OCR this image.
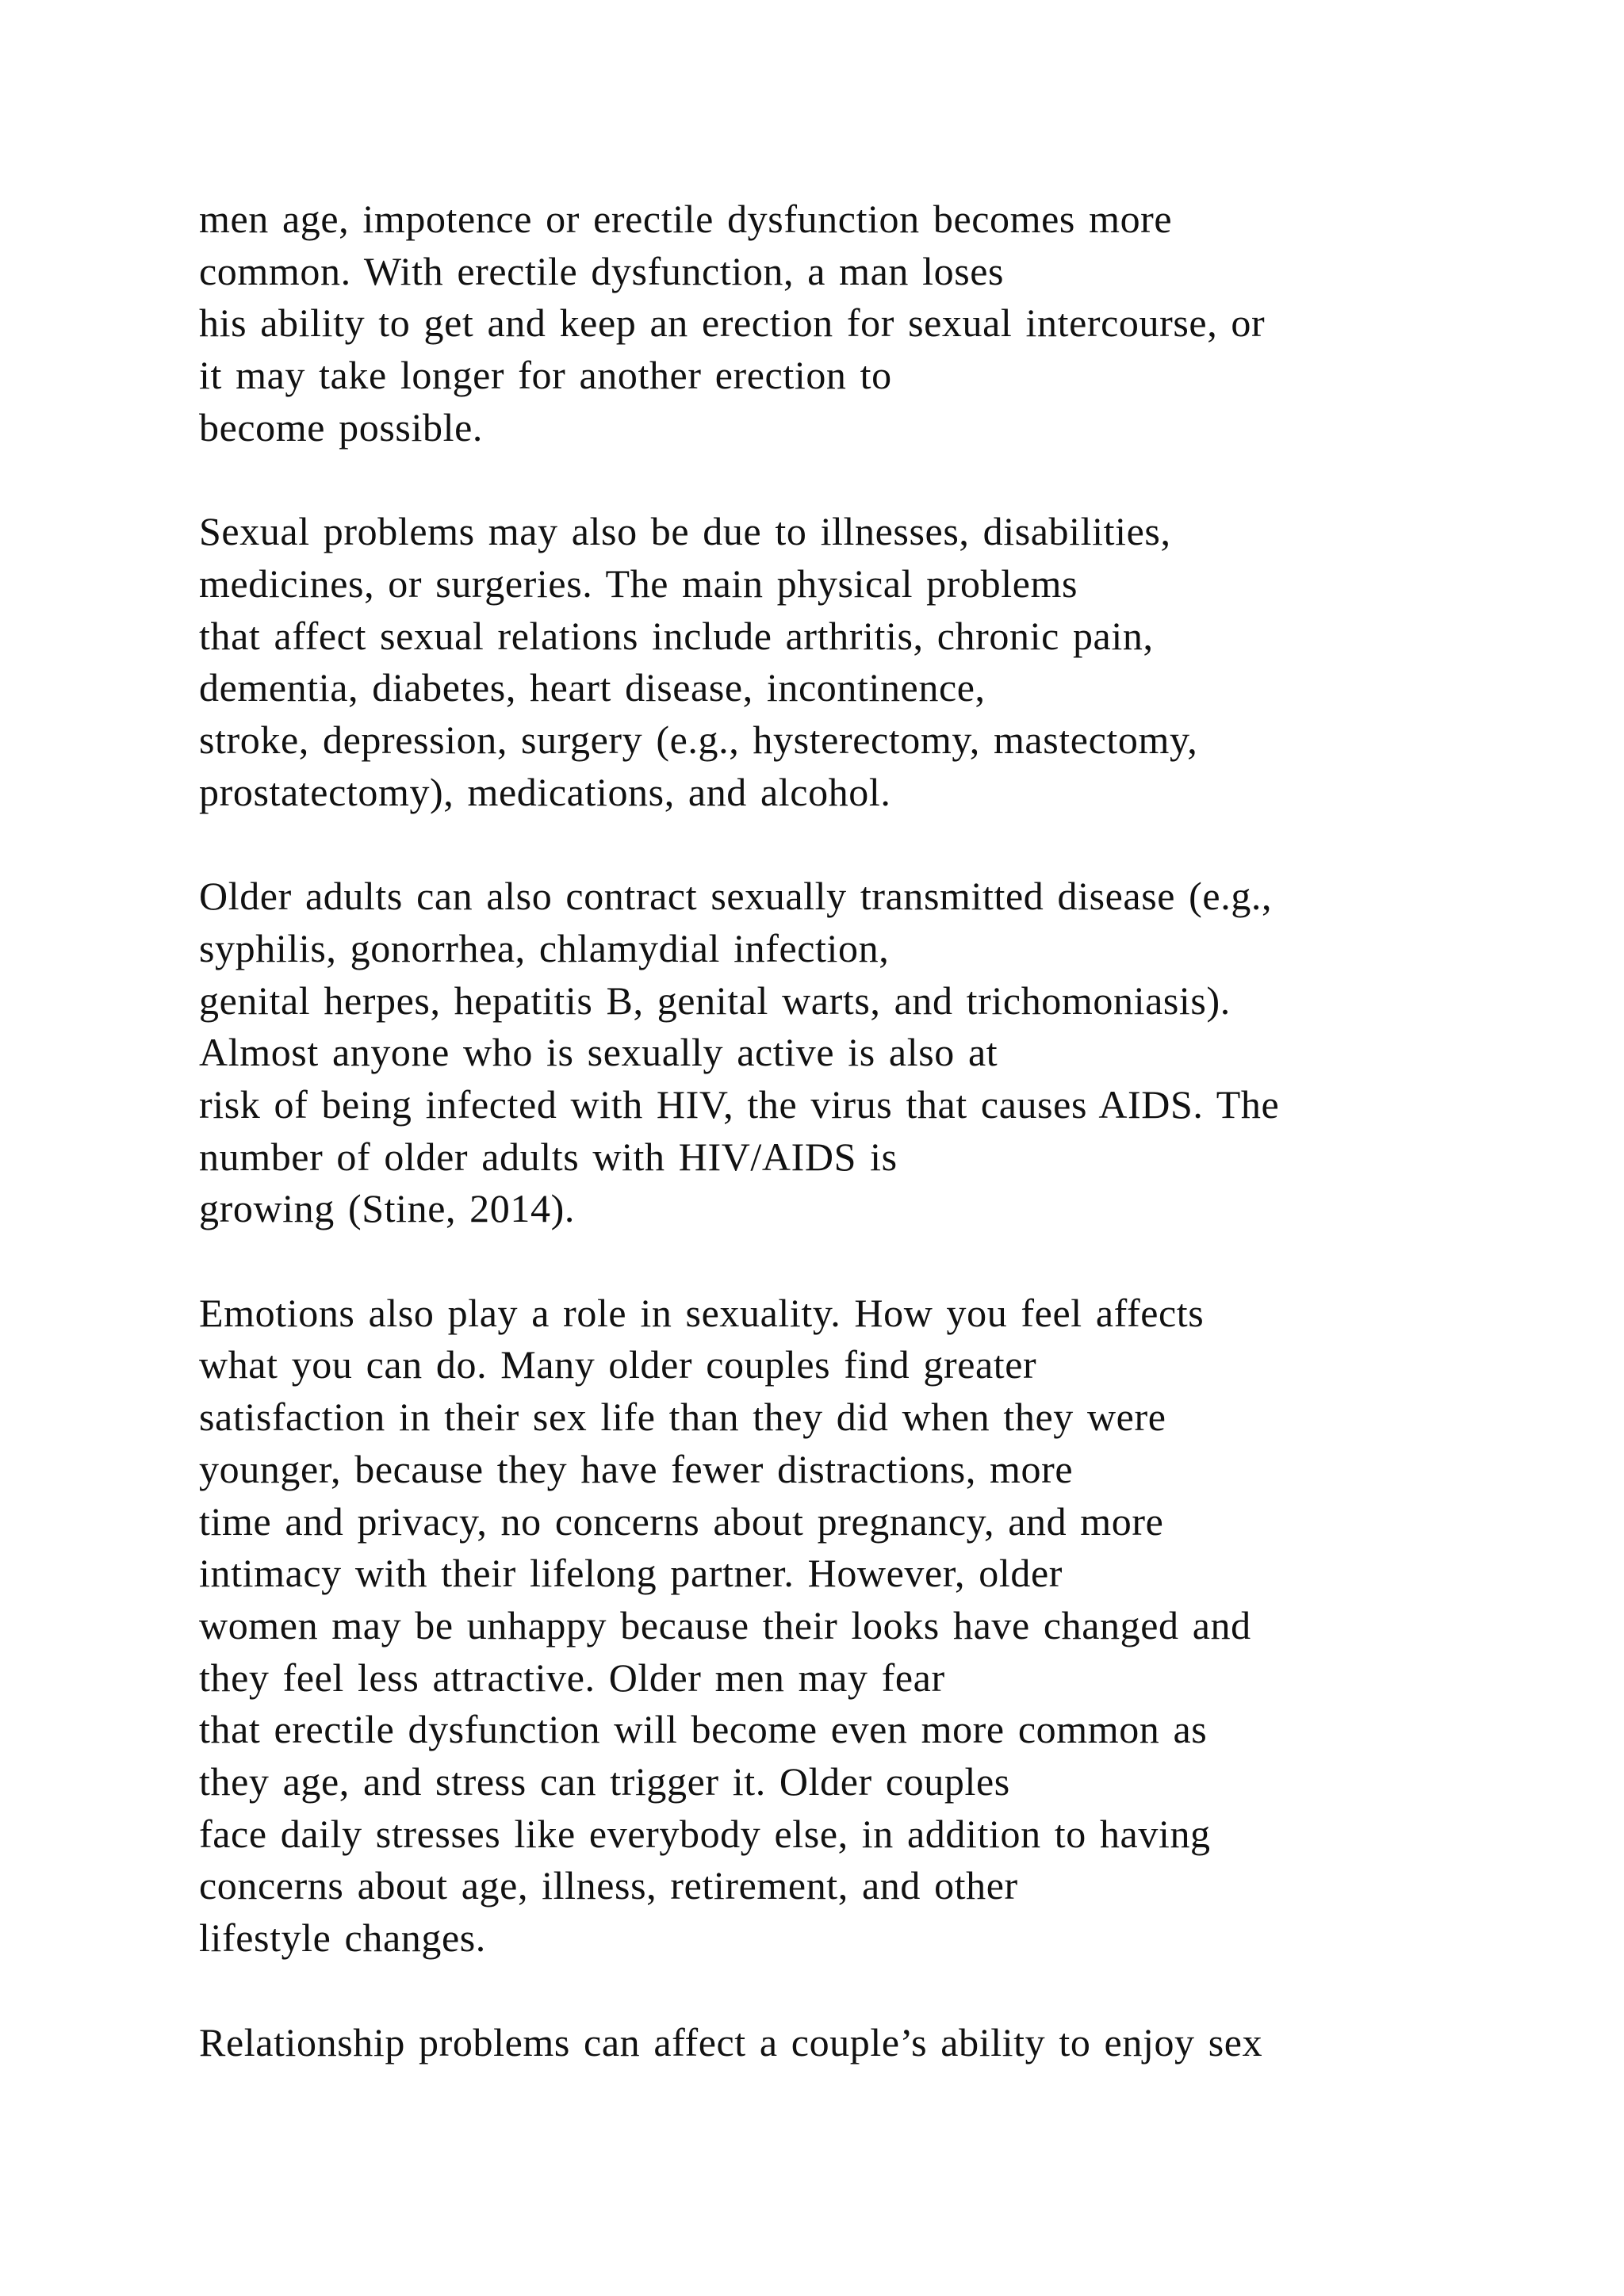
men age, impotence or erectile dysfunction becomes more
common. With erectile dysfunction, a man loses
his ability to get and keep an erection for sexual intercourse, or
it may take longer for another erection to
become possible.

Sexual problems may also be due to illnesses, disabilities,
medicines, or surgeries. The main physical problems
that affect sexual relations include arthritis, chronic pain,
dementia, diabetes, heart disease, incontinence,
stroke, depression, surgery (e.g., hysterectomy, mastectomy,
prostatectomy), medications, and alcohol.

Older adults can also contract sexually transmitted disease (e.g.,
syphilis, gonorrhea, chlamydial infection,
genital herpes, hepatitis B, genital warts, and trichomoniasis).
Almost anyone who is sexually active is also at
risk of being infected with HIV, the virus that causes AIDS. The
number of older adults with HIV/AIDS is
growing (Stine, 2014).

Emotions also play a role in sexuality. How you feel affects
what you can do. Many older couples find greater
satisfaction in their sex life than they did when they were
younger, because they have fewer distractions, more
time and privacy, no concerns about pregnancy, and more
intimacy with their lifelong partner. However, older
women may be unhappy because their looks have changed and
they feel less attractive. Older men may fear
that erectile dysfunction will become even more common as
they age, and stress can trigger it. Older couples
face daily stresses like everybody else, in addition to having
concerns about age, illness, retirement, and other
lifestyle changes.

Relationship problems can affect a couple’s ability to enjoy sex
